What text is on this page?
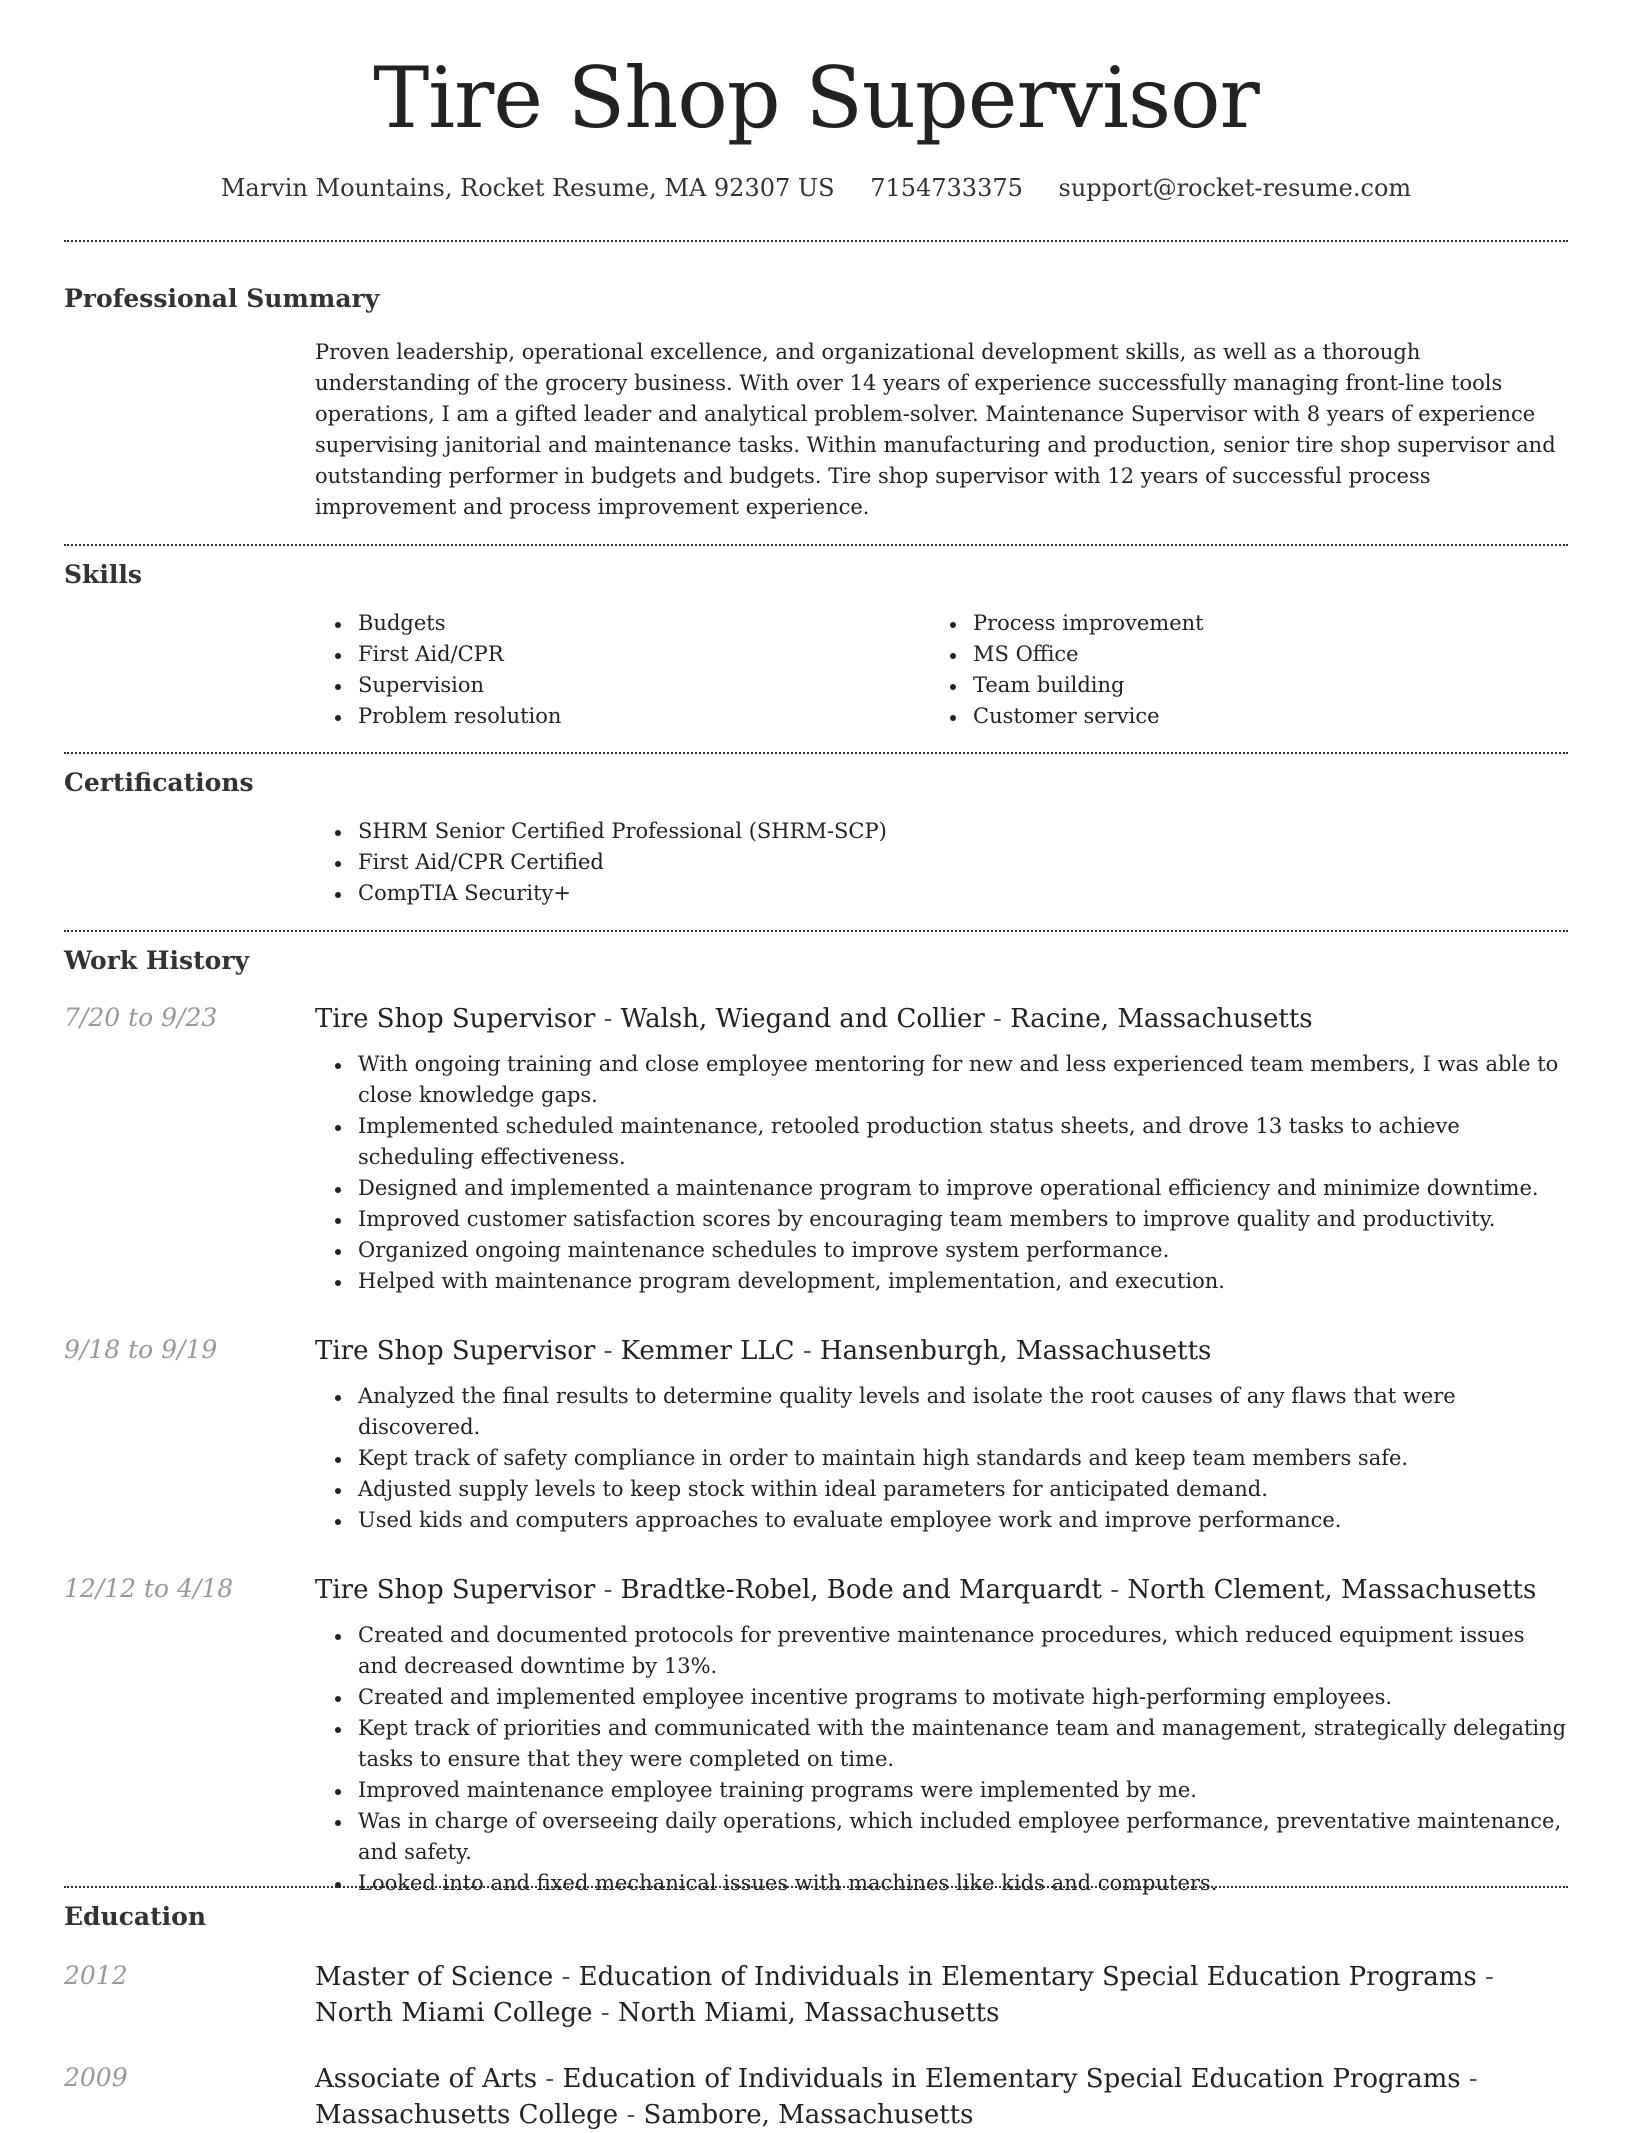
Tire Shop Supervisor
Marvin Mountains, Rocket Resume, MA 92307 US 7154733375 support@rocket-resume.com
Professional Summary

Proven leadership, operational excellence, and organizational development skills, as well as a thorough understanding of the grocery business. With over 14 years of experience successfully managing front-line tools operations, I am a gifted leader and analytical problem-solver. Maintenance Supervisor with 8 years of experience supervising janitorial and maintenance tasks. Within manufacturing and production, senior tire shop supervisor and outstanding performer in budgets and budgets. Tire shop supervisor with 12 years of successful process improvement and process improvement experience.

Skills
Budgets
First Aid/CPR
Supervision
Problem resolution
Process improvement
MS Office
Team building
Customer service
Certifications
SHRM Senior Certified Professional (SHRM-SCP)
First Aid/CPR Certified
CompTIA Security+
Work History
7/20 to 9/23	Tire Shop Supervisor - Walsh, Wiegand and Collier - Racine, Massachusetts
With ongoing training and close employee mentoring for new and less experienced team members, I was able to close knowledge gaps.
Implemented scheduled maintenance, retooled production status sheets, and drove 13 tasks to achieve scheduling effectiveness.
Designed and implemented a maintenance program to improve operational efficiency and minimize downtime.
Improved customer satisfaction scores by encouraging team members to improve quality and productivity.
Organized ongoing maintenance schedules to improve system performance.
Helped with maintenance program development, implementation, and execution.
9/18 to 9/19	Tire Shop Supervisor - Kemmer LLC - Hansenburgh, Massachusetts
Analyzed the final results to determine quality levels and isolate the root causes of any flaws that were discovered.
Kept track of safety compliance in order to maintain high standards and keep team members safe.
Adjusted supply levels to keep stock within ideal parameters for anticipated demand.
Used kids and computers approaches to evaluate employee work and improve performance.
12/12 to 4/18	Tire Shop Supervisor - Bradtke-Robel, Bode and Marquardt - North Clement, Massachusetts
Created and documented protocols for preventive maintenance procedures, which reduced equipment issues and decreased downtime by 13%.
Created and implemented employee incentive programs to motivate high-performing employees.
Kept track of priorities and communicated with the maintenance team and management, strategically delegating tasks to ensure that they were completed on time.
Improved maintenance employee training programs were implemented by me.
Was in charge of overseeing daily operations, which included employee performance, preventative maintenance, and safety.
Looked into and fixed mechanical issues with machines like kids and computers.
Education
2012	Master of Science - Education of Individuals in Elementary Special Education Programs - North Miami College - North Miami, Massachusetts
2009	Associate of Arts - Education of Individuals in Elementary Special Education Programs - Massachusetts College - Sambore, Massachusetts
